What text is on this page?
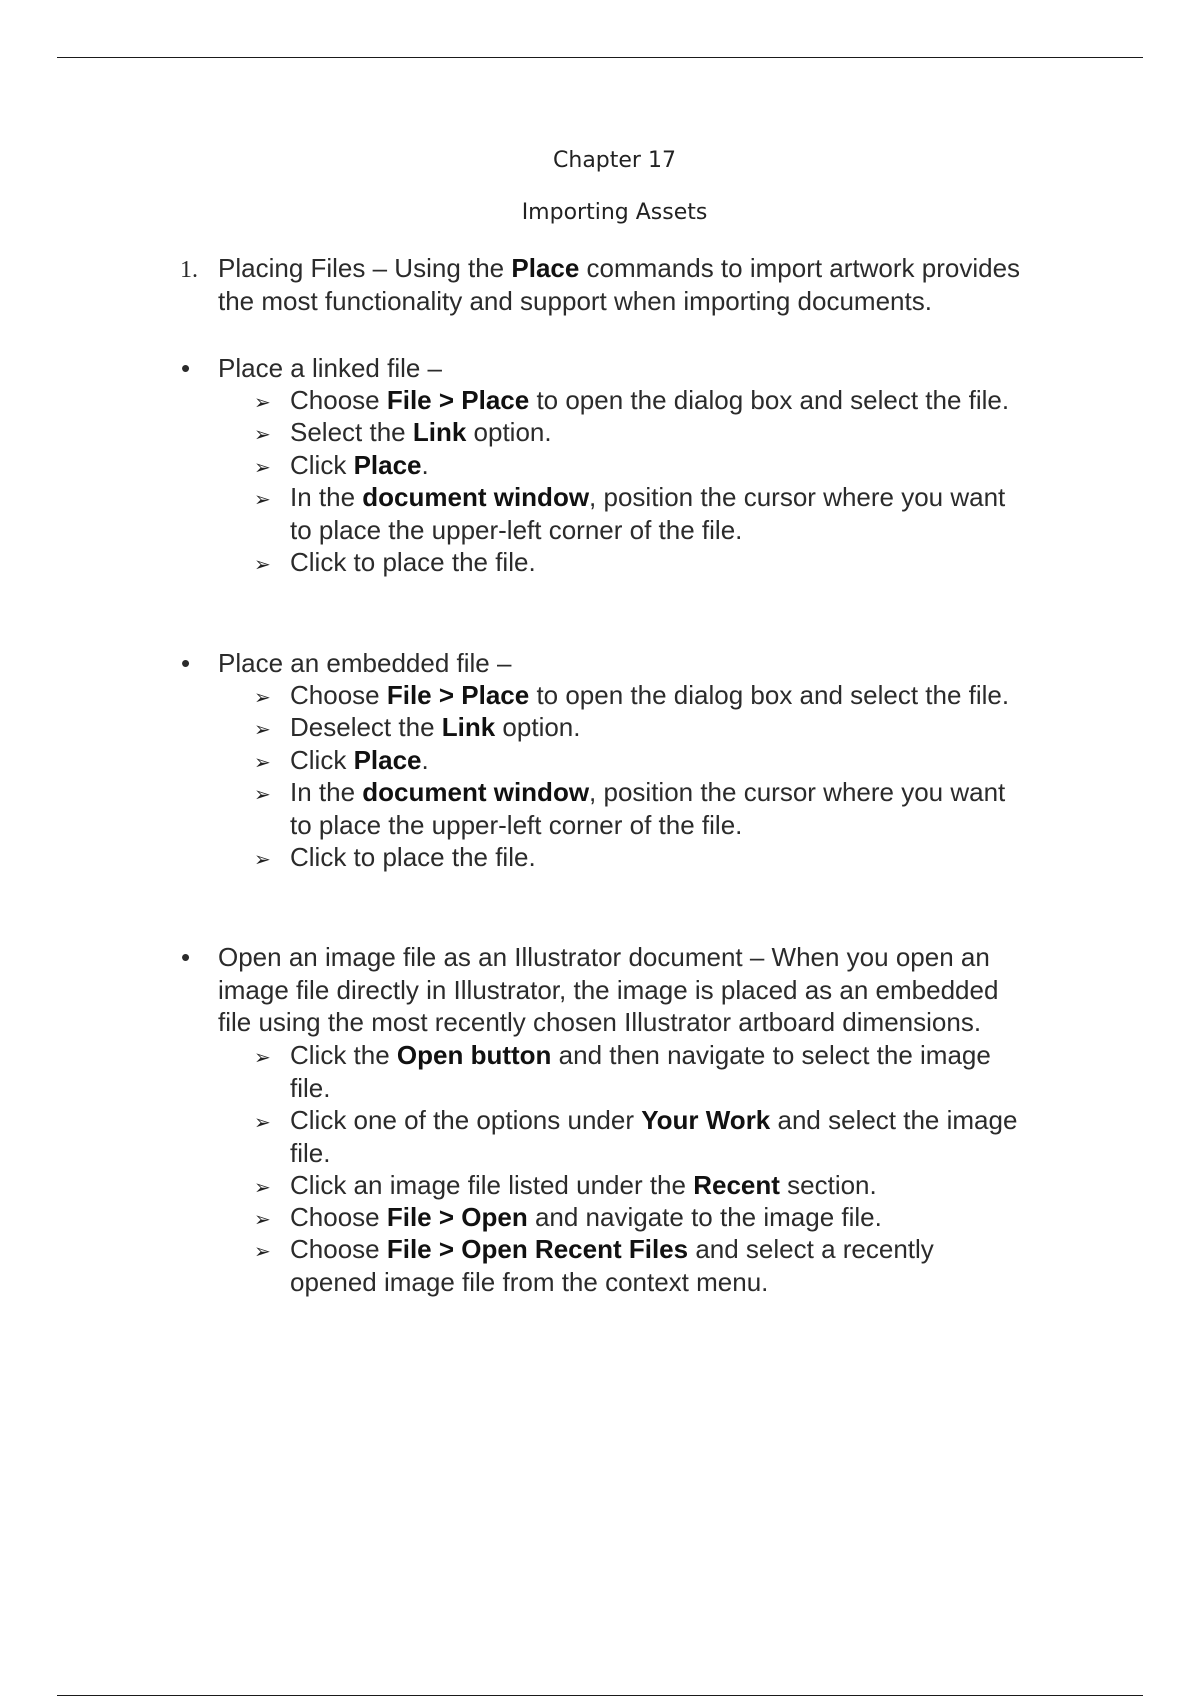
Chapter 17
Importing Assets
1. Placing Files – Using the Place commands to import artwork provides
the most functionality and support when importing documents.
• Place a linked file –
➢ Choose File > Place to open the dialog box and select the file.
➢ Select the Link option.
➢ Click Place.
➢ In the document window, position the cursor where you want
to place the upper-left corner of the file.
➢ Click to place the file.
• Place an embedded file –
➢ Choose File > Place to open the dialog box and select the file.
➢ Deselect the Link option.
➢ Click Place.
➢ In the document window, position the cursor where you want
to place the upper-left corner of the file.
➢ Click to place the file.
• Open an image file as an Illustrator document – When you open an
image file directly in Illustrator, the image is placed as an embedded
file using the most recently chosen Illustrator artboard dimensions.
➢ Click the Open button and then navigate to select the image
file.
➢ Click one of the options under Your Work and select the image
file.
➢ Click an image file listed under the Recent section.
➢ Choose File > Open and navigate to the image file.
➢ Choose File > Open Recent Files and select a recently
opened image file from the context menu.
